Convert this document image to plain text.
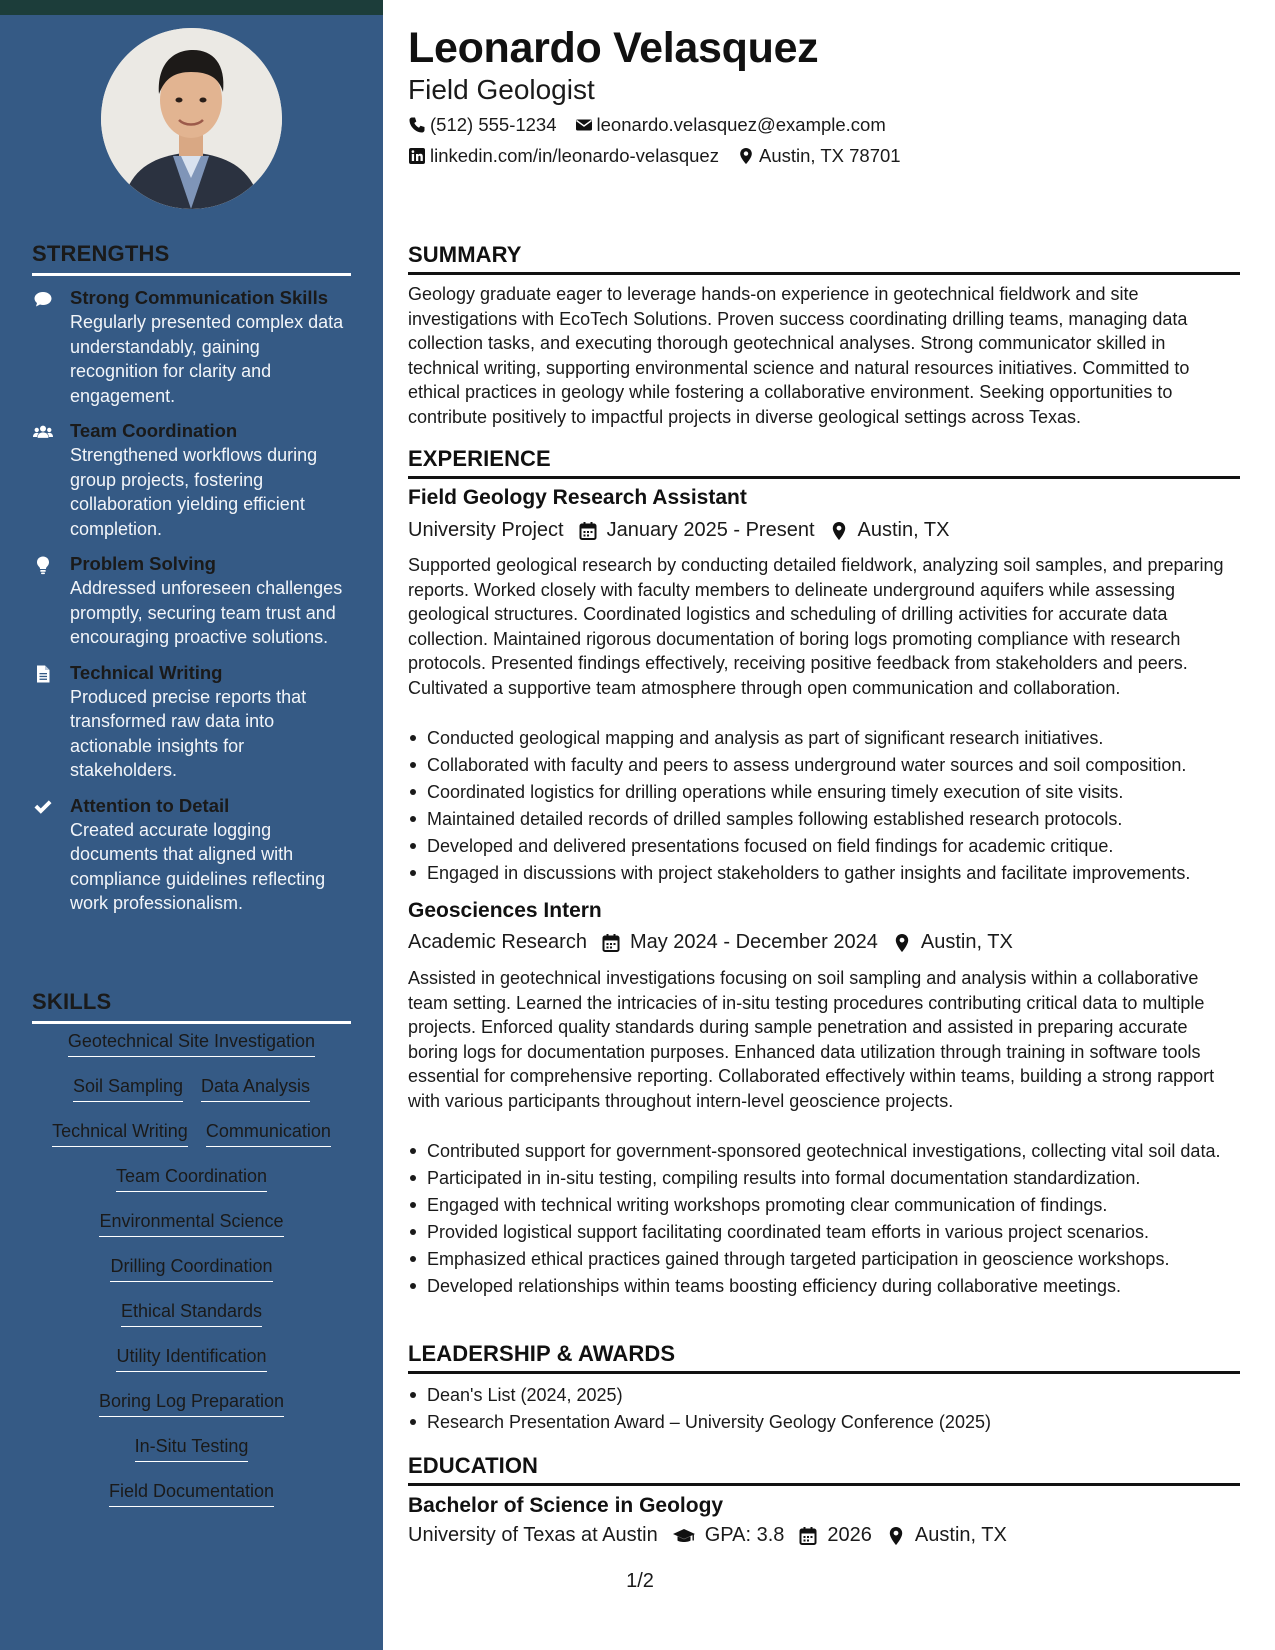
STRENGTHS
Strong Communication Skills
Regularly presented complex data understandably, gaining recognition for clarity and engagement.
Team Coordination
Strengthened workflows during group projects, fostering collaboration yielding efficient completion.
Problem Solving
Addressed unforeseen challenges promptly, securing team trust and encouraging proactive solutions.
Technical Writing
Produced precise reports that transformed raw data into actionable insights for stakeholders.
Attention to Detail
Created accurate logging documents that aligned with compliance guidelines reflecting work professionalism.
SKILLS
Geotechnical Site Investigation
Soil Sampling Data Analysis
Technical Writing Communication
Team Coordination
Environmental Science
Drilling Coordination
Ethical Standards
Utility Identification
Boring Log Preparation
In-Situ Testing
Field Documentation
Leonardo Velasquez
Field Geologist
(512) 555-1234 leonardo.velasquez@example.com
linkedin.com/in/leonardo-velasquez Austin, TX 78701
SUMMARY
Geology graduate eager to leverage hands-on experience in geotechnical fieldwork and site investigations with EcoTech Solutions. Proven success coordinating drilling teams, managing data collection tasks, and executing thorough geotechnical analyses. Strong communicator skilled in technical writing, supporting environmental science and natural resources initiatives. Committed to ethical practices in geology while fostering a collaborative environment. Seeking opportunities to contribute positively to impactful projects in diverse geological settings across Texas.
EXPERIENCE
Field Geology Research Assistant
University Project January 2025 - Present Austin, TX
Supported geological research by conducting detailed fieldwork, analyzing soil samples, and preparing reports. Worked closely with faculty members to delineate underground aquifers while assessing geological structures. Coordinated logistics and scheduling of drilling activities for accurate data collection. Maintained rigorous documentation of boring logs promoting compliance with research protocols. Presented findings effectively, receiving positive feedback from stakeholders and peers. Cultivated a supportive team atmosphere through open communication and collaboration.
Conducted geological mapping and analysis as part of significant research initiatives.
Collaborated with faculty and peers to assess underground water sources and soil composition.
Coordinated logistics for drilling operations while ensuring timely execution of site visits.
Maintained detailed records of drilled samples following established research protocols.
Developed and delivered presentations focused on field findings for academic critique.
Engaged in discussions with project stakeholders to gather insights and facilitate improvements.
Geosciences Intern
Academic Research May 2024 - December 2024 Austin, TX
Assisted in geotechnical investigations focusing on soil sampling and analysis within a collaborative team setting. Learned the intricacies of in-situ testing procedures contributing critical data to multiple projects. Enforced quality standards during sample penetration and assisted in preparing accurate boring logs for documentation purposes. Enhanced data utilization through training in software tools essential for comprehensive reporting. Collaborated effectively within teams, building a strong rapport with various participants throughout intern-level geoscience projects.
Contributed support for government-sponsored geotechnical investigations, collecting vital soil data.
Participated in in-situ testing, compiling results into formal documentation standardization.
Engaged with technical writing workshops promoting clear communication of findings.
Provided logistical support facilitating coordinated team efforts in various project scenarios.
Emphasized ethical practices gained through targeted participation in geoscience workshops.
Developed relationships within teams boosting efficiency during collaborative meetings.
LEADERSHIP & AWARDS
Dean's List (2024, 2025)
Research Presentation Award – University Geology Conference (2025)
EDUCATION
Bachelor of Science in Geology
University of Texas at Austin GPA: 3.8 2026 Austin, TX
1/2
